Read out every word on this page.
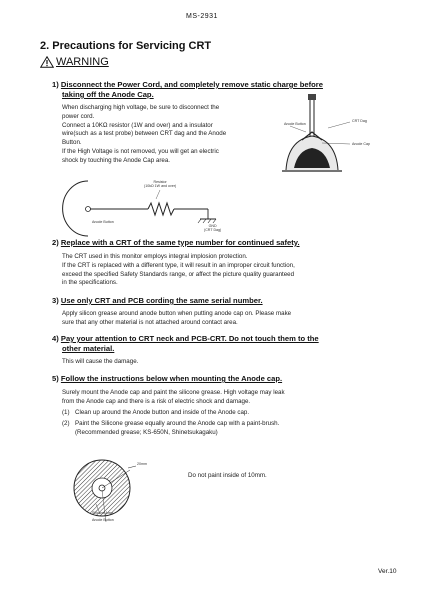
MS-2931
2. Precautions for Servicing CRT
WARNING
1) Disconnect the Power Cord, and completely remove static charge before
taking off the Anode Cap.
When discharging high voltage, be sure to disconnect the
power cord.
Connect a 10KΩ resistor (1W and over) and a insulator
wire(such as a test probe) between CRT dag and the Anode
Button.
If the High Voltage is not removed, you will get an electric
shock by touching the Anode Cap area.
Anode Button
CRT Dag
Anode Cap
Resistor
(10kΩ 1W and over)
Anode Button
GND
(CRT Dag)
2) Replace with a CRT of the same type number for continued safety.
The CRT used in this monitor employs integral implosion protection.
If the CRT is replaced with a different type, it will result in an improper circuit function,
exceed the specified Safety Standards range, or affect the picture quality guaranteed
in the specifications.
3) Use only CRT and PCB cording the same serial number.
Apply silicon grease around anode button when putting anode cap on. Please make
sure that any other material is not attached around contact area.
4) Pay your attention to CRT neck and PCB-CRT. Do not touch them to the
other material.
This will cause the damage.
5) Follow the instructions below when mounting the Anode cap.
Surely mount the Anode cap and paint the silicone grease. High voltage may leak
from the Anode cap and there is a risk of electric shock and damage.
(1) Clean up around the Anode button and inside of the Anode cap.
(2) Paint the Silicone grease equally around the Anode cap with a paint-brush.
(Recommended grease; KS-650N, Shinetsukagaku)
20mm
Silicone Area
Anode Button
Do not paint inside of 10mm.
Ver.10
